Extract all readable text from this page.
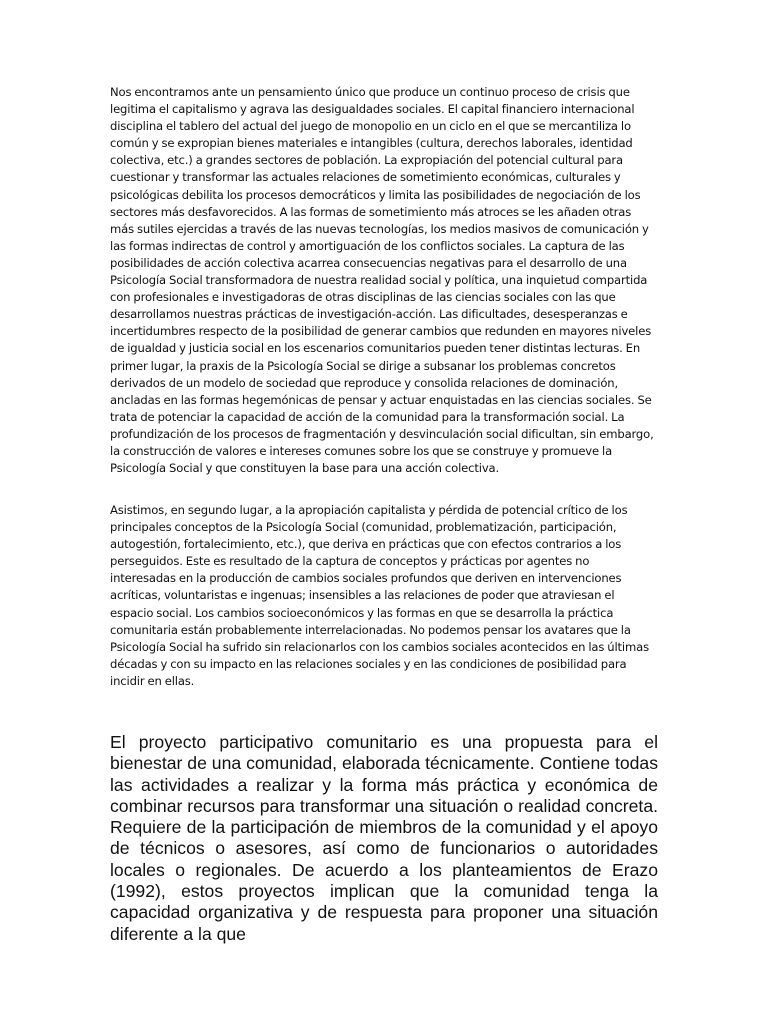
Nos encontramos ante un pensamiento único que produce un continuo proceso de crisis que legitima el capitalismo y agrava las desigualdades sociales. El capital financiero internacional disciplina el tablero del actual del juego de monopolio en un ciclo en el que se mercantiliza lo común y se expropian bienes materiales e intangibles (cultura, derechos laborales, identidad colectiva, etc.) a grandes sectores de población. La expropiación del potencial cultural para cuestionar y transformar las actuales relaciones de sometimiento económicas, culturales y psicológicas debilita los procesos democráticos y limita las posibilidades de negociación de los sectores más desfavorecidos. A las formas de sometimiento más atroces se les añaden otras más sutiles ejercidas a través de las nuevas tecnologías, los medios masivos de comunicación y las formas indirectas de control y amortiguación de los conflictos sociales. La captura de las posibilidades de acción colectiva acarrea consecuencias negativas para el desarrollo de una Psicología Social transformadora de nuestra realidad social y política, una inquietud compartida con profesionales e investigadoras de otras disciplinas de las ciencias sociales con las que desarrollamos nuestras prácticas de investigación-acción. Las dificultades, desesperanzas e incertidumbres respecto de la posibilidad de generar cambios que redunden en mayores niveles de igualdad y justicia social en los escenarios comunitarios pueden tener distintas lecturas. En primer lugar, la praxis de la Psicología Social se dirige a subsanar los problemas concretos derivados de un modelo de sociedad que reproduce y consolida relaciones de dominación, ancladas en las formas hegemónicas de pensar y actuar enquistadas en las ciencias sociales. Se trata de potenciar la capacidad de acción de la comunidad para la transformación social. La profundización de los procesos de fragmentación y desvinculación social dificultan, sin embargo, la construcción de valores e intereses comunes sobre los que se construye y promueve la Psicología Social y que constituyen la base para una acción colectiva.

Asistimos, en segundo lugar, a la apropiación capitalista y pérdida de potencial crítico de los principales conceptos de la Psicología Social (comunidad, problematización, participación, autogestión, fortalecimiento, etc.), que deriva en prácticas que con efectos contrarios a los perseguidos. Este es resultado de la captura de conceptos y prácticas por agentes no interesadas en la producción de cambios sociales profundos que deriven en intervenciones acríticas, voluntaristas e ingenuas; insensibles a las relaciones de poder que atraviesan el espacio social. Los cambios socioeconómicos y las formas en que se desarrolla la práctica comunitaria están probablemente interrelacionadas. No podemos pensar los avatares que la Psicología Social ha sufrido sin relacionarlos con los cambios sociales acontecidos en las últimas décadas y con su impacto en las relaciones sociales y en las condiciones de posibilidad para incidir en ellas.

El proyecto participativo comunitario es una propuesta para el bienestar de una comunidad, elaborada técnicamente. Contiene todas las actividades a realizar y la forma más práctica y económica de combinar recursos para transformar una situación o realidad concreta. Requiere de la participación de miembros de la comunidad y el apoyo de técnicos o asesores, así como de funcionarios o autoridades locales o regionales. De acuerdo a los planteamientos de Erazo (1992), estos proyectos implican que la comunidad tenga la capacidad organizativa y de respuesta para proponer una situación diferente a la que
